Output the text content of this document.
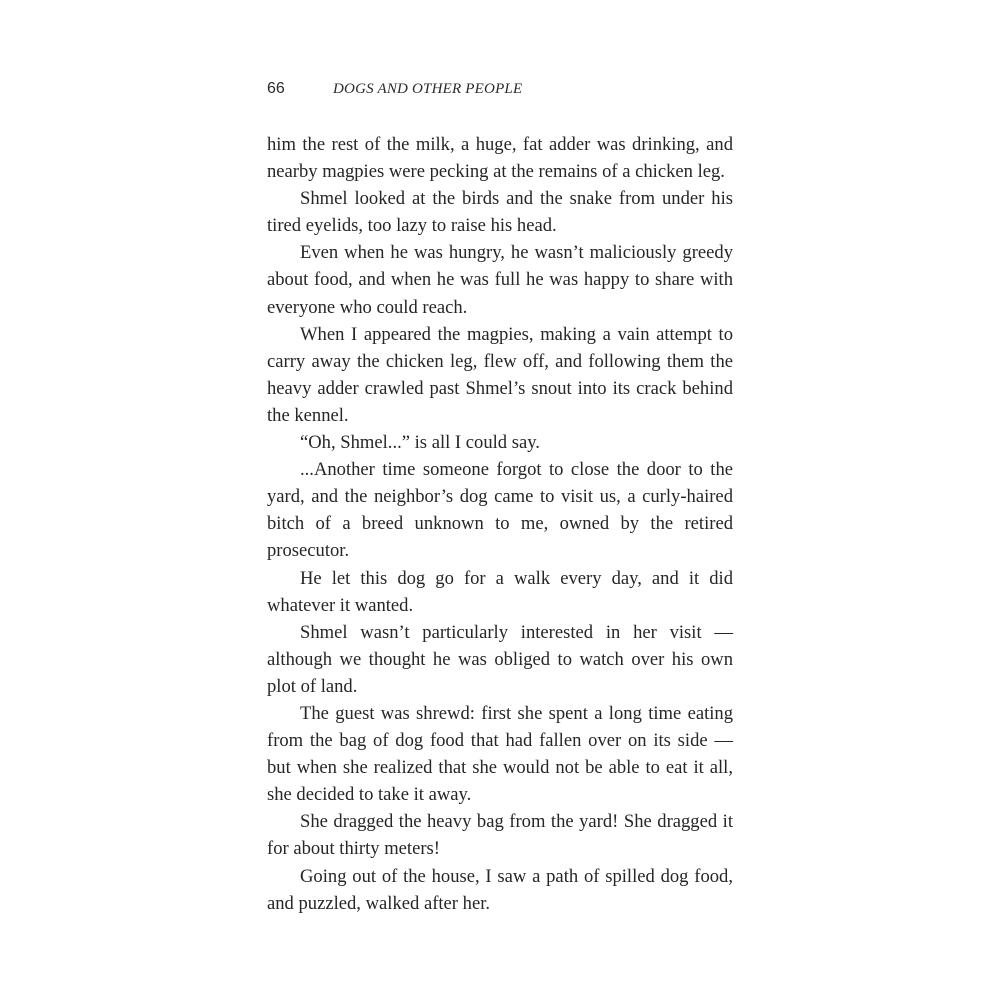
66	DOGS AND OTHER PEOPLE

him the rest of the milk, a huge, fat adder was drinking, and nearby magpies were pecking at the remains of a chicken leg.

Shmel looked at the birds and the snake from under his tired eyelids, too lazy to raise his head.

Even when he was hungry, he wasn’t maliciously greedy about food, and when he was full he was happy to share with everyone who could reach.

When I appeared the magpies, making a vain attempt to carry away the chicken leg, flew off, and following them the heavy adder crawled past Shmel’s snout into its crack behind the kennel.

“Oh, Shmel...” is all I could say.

...Another time someone forgot to close the door to the yard, and the neighbor’s dog came to visit us, a curly-haired bitch of a breed unknown to me, owned by the retired prosecutor.

He let this dog go for a walk every day, and it did whatever it wanted.

Shmel wasn’t particularly interested in her visit — although we thought he was obliged to watch over his own plot of land.

The guest was shrewd: first she spent a long time eating from the bag of dog food that had fallen over on its side — but when she realized that she would not be able to eat it all, she decided to take it away.

She dragged the heavy bag from the yard! She dragged it for about thirty meters!

Going out of the house, I saw a path of spilled dog food, and puzzled, walked after her.
